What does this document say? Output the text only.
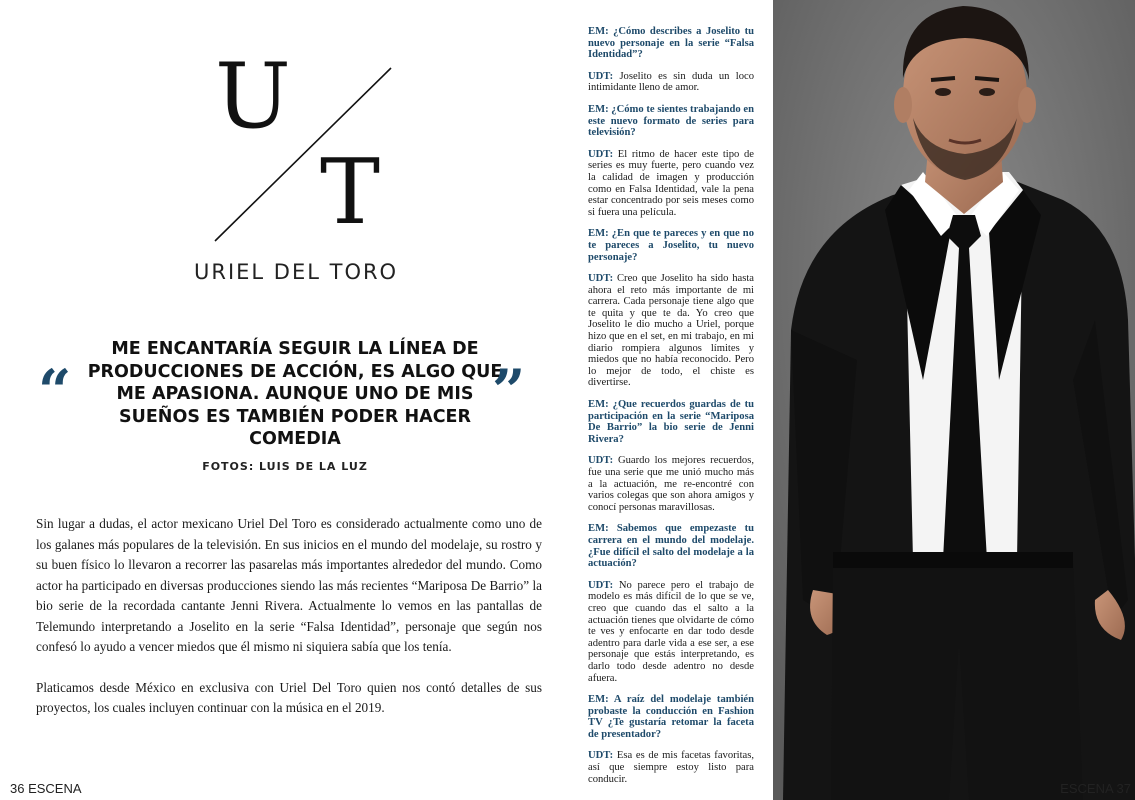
U
T
URIEL DEL TORO
“
ME ENCANTARÍA SEGUIR LA LÍNEA DE PRODUCCIONES DE ACCIÓN, ES ALGO QUE ME APASIONA. AUNQUE UNO DE MIS SUEÑOS ES TAMBIÉN PODER HACER COMEDIA
”
FOTOS: LUIS DE LA LUZ

Sin lugar a dudas, el actor mexicano Uriel Del Toro es considerado actualmente como uno de los galanes más populares de la televisión. En sus inicios en el mundo del modelaje, su rostro y su buen físico lo llevaron a recorrer las pasarelas más importantes alrededor del mundo. Como actor ha participado en diversas producciones siendo las más recientes “Mariposa De Barrio” la bio serie de la recordada cantante Jenni Rivera. Actualmente lo vemos en las pantallas de Telemundo interpretando a Joselito en la serie “Falsa Identidad”, personaje que según nos confesó lo ayudo a vencer miedos que él mismo ni siquiera sabía que los tenía.

Platicamos desde México en exclusiva con Uriel Del Toro quien nos contó detalles de sus proyectos, los cuales incluyen continuar con la música en el 2019.

36 ESCENA

EM: ¿Cómo describes a Joselito tu nuevo personaje en la serie “Falsa Identidad”?

UDT: Joselito es sin duda un loco intimidante lleno de amor.

EM: ¿Cómo te sientes trabajando en este nuevo formato de series para televisión?

UDT: El ritmo de hacer este tipo de series es muy fuerte, pero cuando vez la calidad de imagen y producción como en Falsa Identidad, vale la pena estar concentrado por seis meses como si fuera una película.

EM: ¿En que te pareces y en que no te pareces a Joselito, tu nuevo personaje?

UDT: Creo que Joselito ha sido hasta ahora el reto más importante de mi carrera. Cada personaje tiene algo que te quita y que te da. Yo creo que Joselito le dio mucho a Uriel, porque hizo que en el set, en mi trabajo, en mi diario rompiera algunos límites y miedos que no había reconocido. Pero lo mejor de todo, el chiste es divertirse.

EM: ¿Que recuerdos guardas de tu participación en la serie “Mariposa De Barrio” la bio serie de Jenni Rivera?

UDT: Guardo los mejores recuerdos, fue una serie que me unió mucho más a la actuación, me re-encontré con varios colegas que son ahora amigos y conocí personas maravillosas.

EM: Sabemos que empezaste tu carrera en el mundo del modelaje. ¿Fue difícil el salto del modelaje a la actuación?

UDT: No parece pero el trabajo de modelo es más difícil de lo que se ve, creo que cuando das el salto a la actuación tienes que olvidarte de cómo te ves y enfocarte en dar todo desde adentro para darle vida a ese ser, a ese personaje que estás interpretando, es darlo todo desde adentro no desde afuera.

EM: A raíz del modelaje también probaste la conducción en Fashion TV ¿Te gustaría retomar la faceta de presentador?

UDT: Esa es de mis facetas favoritas, así que siempre estoy listo para conducir.

ESCENA 37
